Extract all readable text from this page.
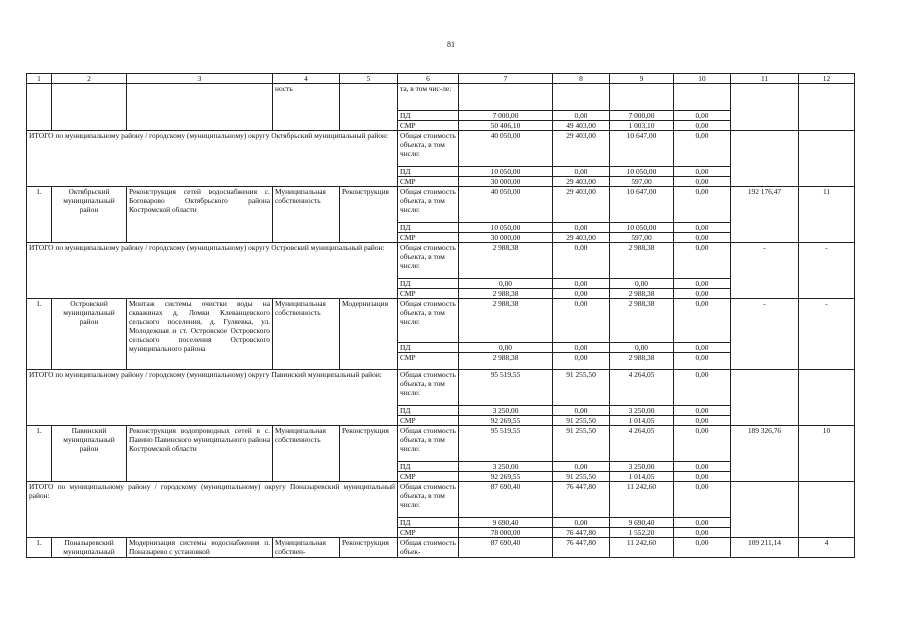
81
1	2	3	4	5	6	7	8	9	10	11	12
			ность		та, в том чис-ле:						
					ПД	7 000,00	0,00	7 000,00	0,00		
					СМР	50 406,10	49 403,00	1 003,10	0,00		
ИТОГО по муниципальному району / городскому (муниципальному) округу Октябрьский муниципальный район:					Общая стоимость объекта, в том числе:	40 050,00	29 403,00	10 647,00	0,00		
					ПД	10 050,00	0,00	10 050,00	0,00		
					СМР	30 000,00	29 403,00	597,00	0,00		
1.	Октябрьский муниципальный район	Реконструкция сетей водоснабжения с. Боговарово Октябрьского района Костромской области	Муниципальная собственность	Реконструкция	Общая стоимость объекта, в том числе:	40 050,00	29 403,00	10 647,00	0,00	192 176,47	11
					ПД	10 050,00	0,00	10 050,00	0,00		
					СМР	30 000,00	29 403,00	597,00	0,00		
ИТОГО по муниципальному району / городскому (муниципальному) округу Островский муниципальный район:					Общая стоимость объекта, в том числе:	2 988,38	0,00	2 988,38	0,00	-	-
					ПД	0,00	0,00	0,00	0,00		
					СМР	2 988,38	0,00	2 988,38	0,00		
1.	Островский муниципальный район	Монтаж системы очистки воды на скважинах д. Ломки Клеванцевского сельского поселения, д. Гуляевка, ул. Молодежная и ст. Островское Островского сельского поселения Островского муниципального района	Муниципальная собственность	Модернизация	Общая стоимость объекта, в том числе:	2 988,38	0,00	2 988,38	0,00	-	-
					ПД	0,00	0,00	0,00	0,00		
					СМР	2 988,38	0,00	2 988,38	0,00		
ИТОГО по муниципальному району / городскому (муниципальному) округу Павинский муниципальный район:					Общая стоимость объекта, в том числе:	95 519,55	91 255,50	4 264,05	0,00		
					ПД	3 250,00	0,00	3 250,00	0,00		
					СМР	92 269,55	91 255,50	1 014,05	0,00		
1.	Павинский муниципальный район	Реконструкция водопроводных сетей в с. Павино Павинского муниципального района Костромской области	Муниципальная собственность	Реконструкция	Общая стоимость объекта, в том числе:	95 519,55	91 255,50	4 264,05	0,00	189 326,76	10
					ПД	3 250,00	0,00	3 250,00	0,00		
					СМР	92 269,55	91 255,50	1 014,05	0,00		
ИТОГО по муниципальному району / городскому (муниципальному) округу Поназыревский муниципальный район:					Общая стоимость объекта, в том числе:	87 690,40	76 447,80	11 242,60	0,00		
					ПД	9 690,40	0,00	9 690,40	0,00		
					СМР	78 000,00	76 447,80	1 552,20	0,00		
1.	Поназыревский муниципальный	Модернизация системы водоснабжения п. Поназырево с установкой	Муниципальная собствен-	Реконструкция	Общая стоимость объек-	87 690,40	76 447,80	11 242,60	0,00	109 211,14	4
